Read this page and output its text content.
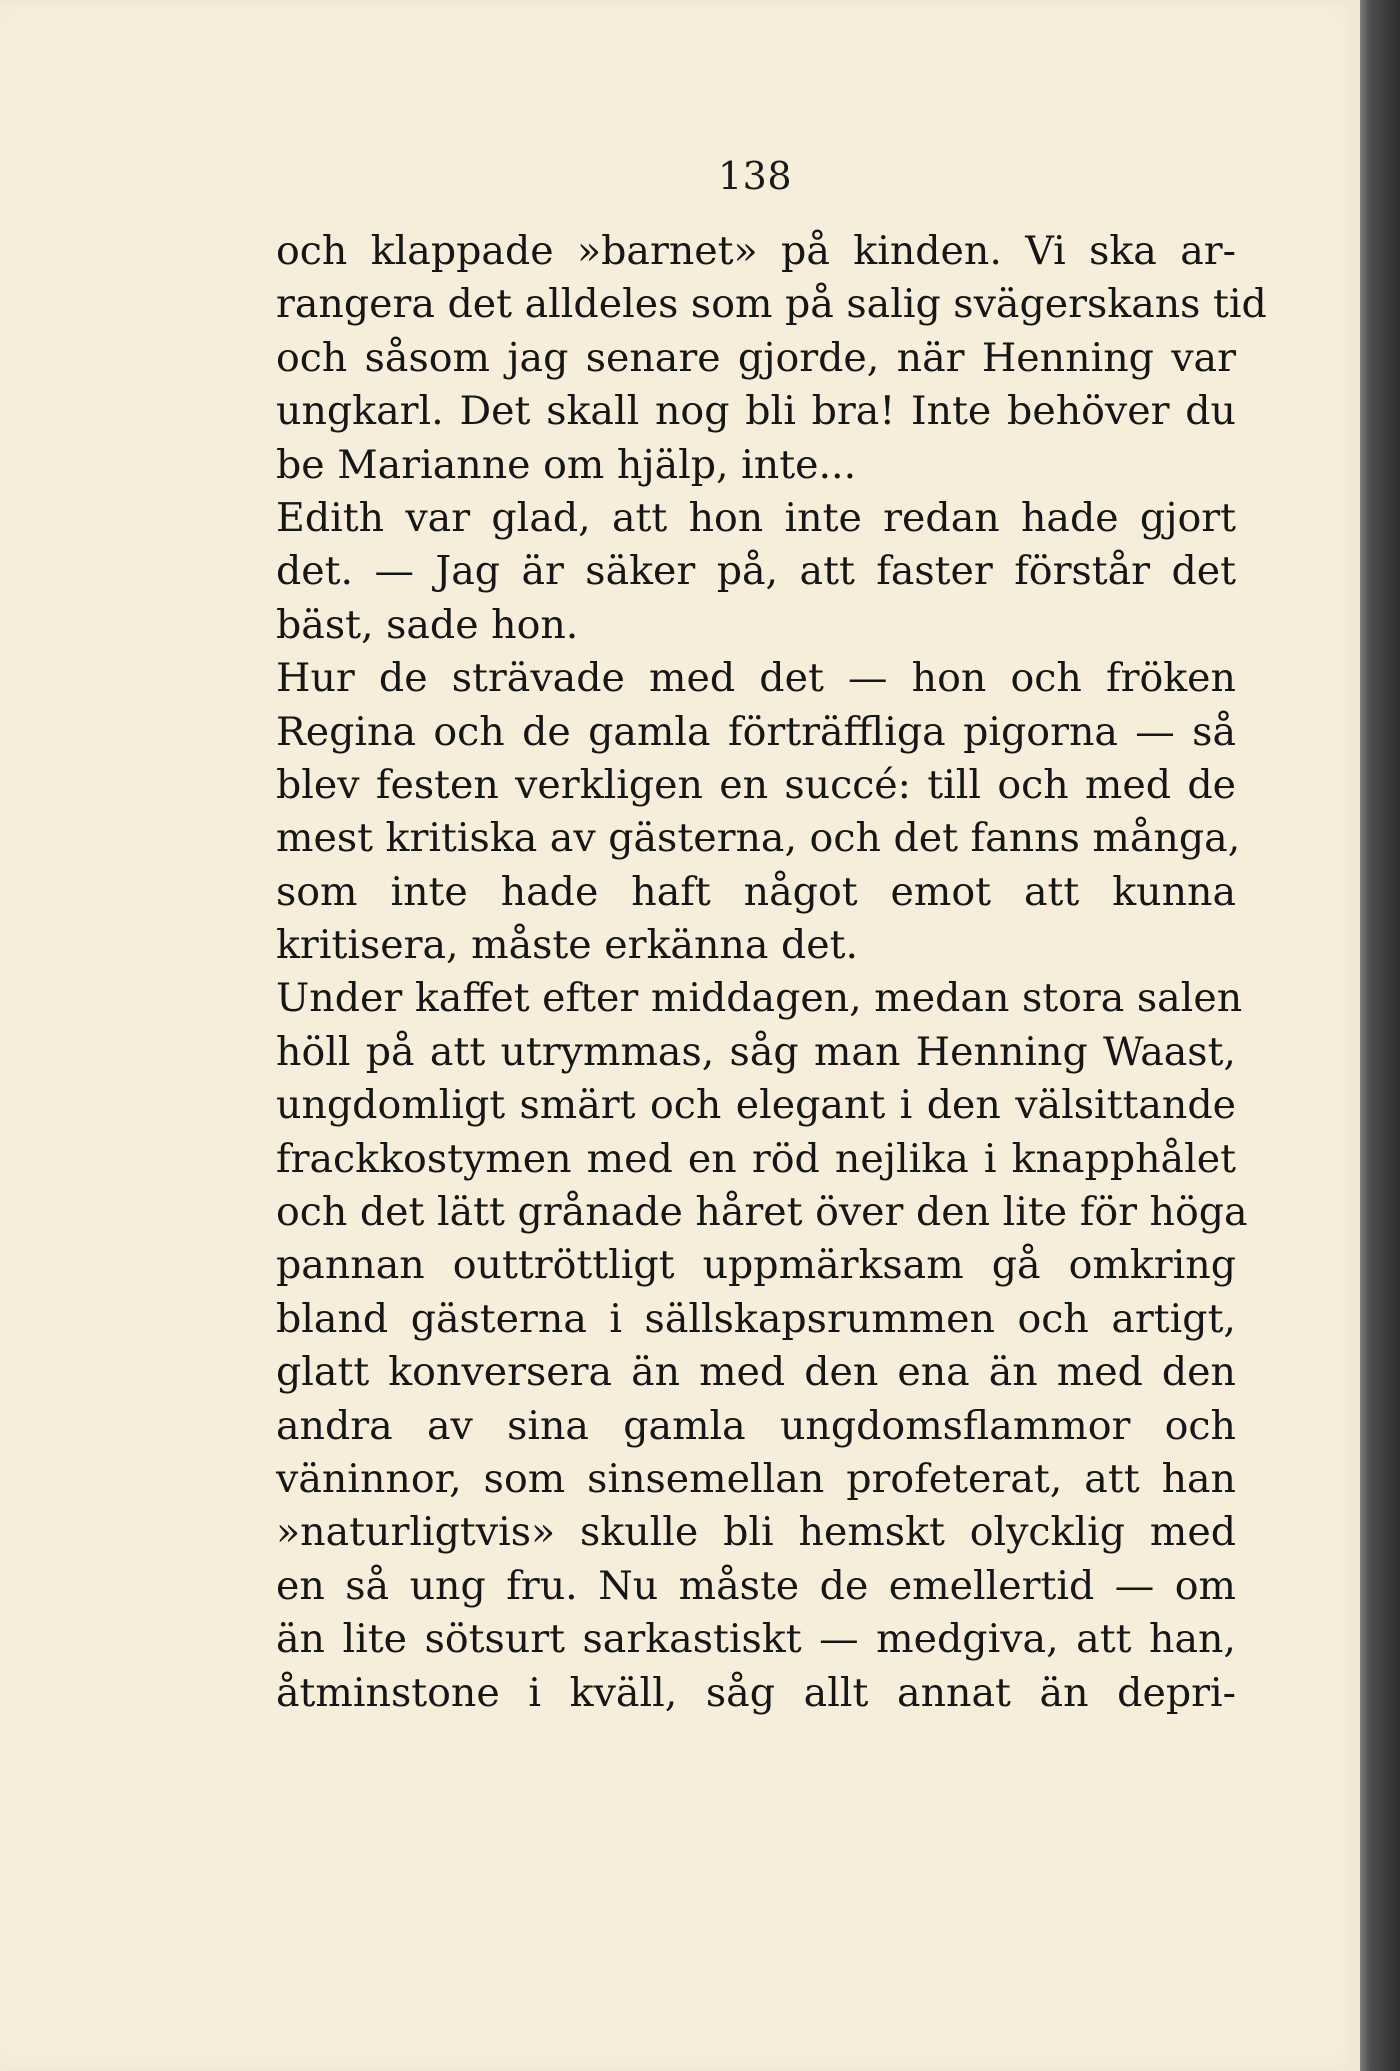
138
och klappade »barnet» på kinden. Vi ska ar-
rangera det alldeles som på salig svägerskans tid
och såsom jag senare gjorde, när Henning var
ungkarl. Det skall nog bli bra! Inte behöver du
be Marianne om hjälp, inte...
Edith var glad, att hon inte redan hade gjort
det. — Jag är säker på, att faster förstår det
bäst, sade hon.
Hur de strävade med det — hon och fröken
Regina och de gamla förträffliga pigorna — så
blev festen verkligen en succé: till och med de
mest kritiska av gästerna, och det fanns många,
som inte hade haft något emot att kunna
kritisera, måste erkänna det.
Under kaffet efter middagen, medan stora salen
höll på att utrymmas, såg man Henning Waast,
ungdomligt smärt och elegant i den välsittande
frackkostymen med en röd nejlika i knapphålet
och det lätt grånade håret över den lite för höga
pannan outtröttligt uppmärksam gå omkring
bland gästerna i sällskapsrummen och artigt,
glatt konversera än med den ena än med den
andra av sina gamla ungdomsflammor och
väninnor, som sinsemellan profeterat, att han
»naturligtvis» skulle bli hemskt olycklig med
en så ung fru. Nu måste de emellertid — om
än lite sötsurt sarkastiskt — medgiva, att han,
åtminstone i kväll, såg allt annat än depri-
